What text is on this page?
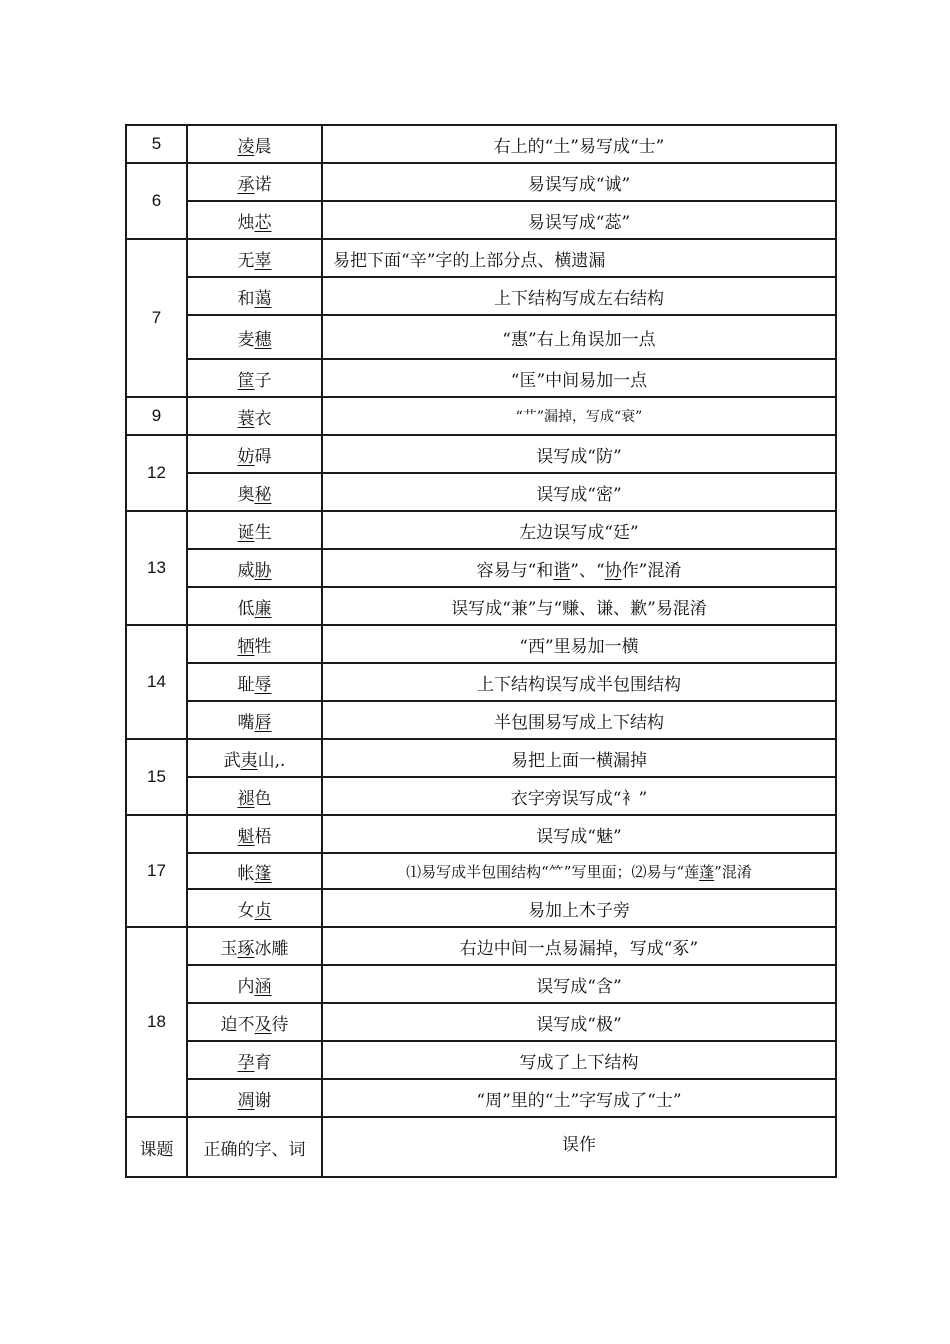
5	凌晨	右上的“土”易写成“士”
6	承诺	易误写成“诚”
	烛芯	易误写成“蕊”
7	无辜	易把下面“辛”字的上部分点、横遗漏
	和蔼	上下结构写成左右结构
	麦穗	“惠”右上角误加一点
	筐子	“匡”中间易加一点
9	蓑衣	“艹”漏掉，写成“衰”
12	妨碍	误写成“防”
	奥秘	误写成“密”
13	诞生	左边误写成“廷”
	威胁	容易与“和谐”、“协作”混淆
	低廉	误写成“兼”与“赚、谦、歉”易混淆
14	牺牲	“西”里易加一横
	耻辱	上下结构误写成半包围结构
	嘴唇	半包围易写成上下结构
15	武夷山,.	易把上面一横漏掉
	褪色	衣字旁误写成“衤”
17	魁梧	误写成“魅”
	帐篷	⑴易写成半包围结构“⺮”写里面；⑵易与“莲蓬”混淆
	女贞	易加上木子旁
18	玉琢冰雕	右边中间一点易漏掉，写成“豖”
	内涵	误写成“含”
	迫不及待	误写成“极”
	孕育	写成了上下结构
	凋谢	“周”里的“土”字写成了“士”
课题	正确的字、词	误作
